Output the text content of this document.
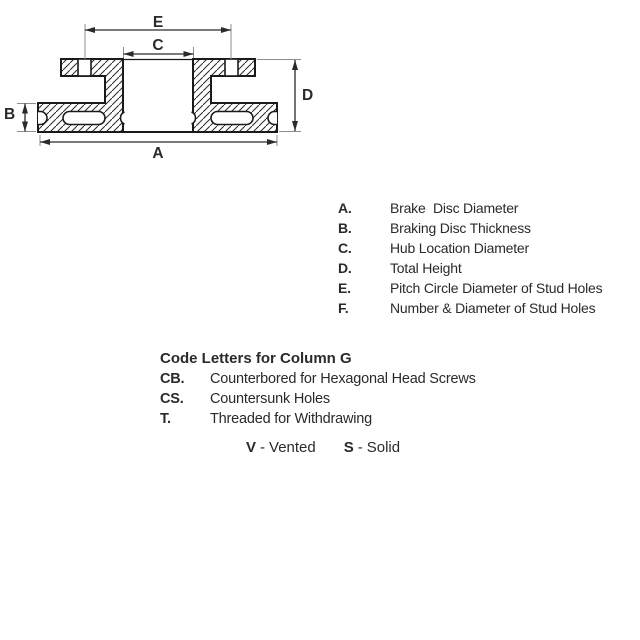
E
C
B
D
A
A.	Brake  Disc Diameter
B.	Braking Disc Thickness
C.	Hub Location Diameter
D.	Total Height
E.	Pitch Circle Diameter of Stud Holes
F.	Number & Diameter of Stud Holes
Code Letters for Column G
CB.	Counterbored for Hexagonal Head Screws
CS.	Countersunk Holes
T.	Threaded for Withdrawing
V - Vented S - Solid
